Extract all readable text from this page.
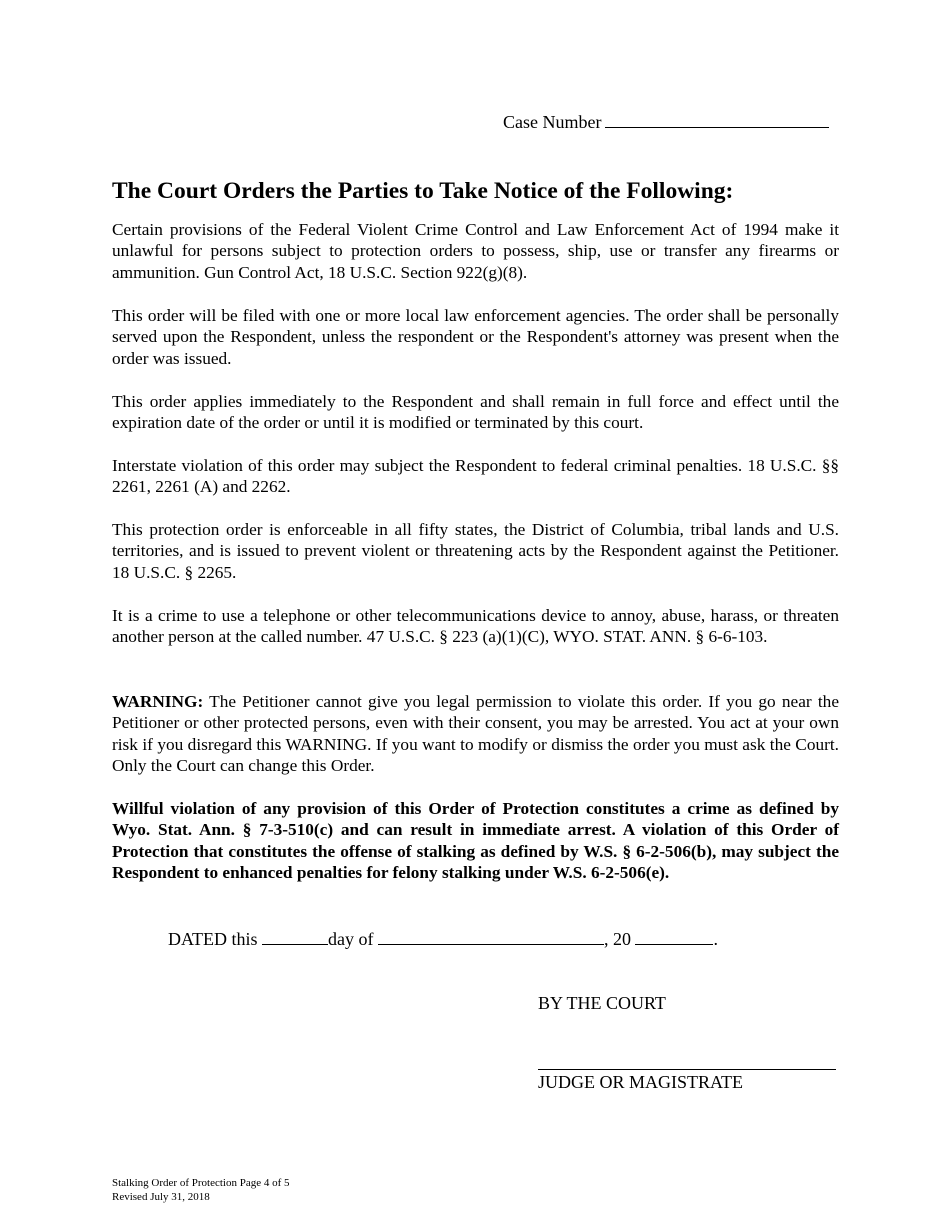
Case Number
The Court Orders the Parties to Take Notice of the Following:

Certain provisions of the Federal Violent Crime Control and Law Enforcement Act of 1994 make it unlawful for persons subject to protection orders to possess, ship, use or transfer any firearms or ammunition. Gun Control Act, 18 U.S.C. Section 922(g)(8).

This order will be filed with one or more local law enforcement agencies. The order shall be personally served upon the Respondent, unless the respondent or the Respondent's attorney was present when the order was issued.

This order applies immediately to the Respondent and shall remain in full force and effect until the expiration date of the order or until it is modified or terminated by this court.

Interstate violation of this order may subject the Respondent to federal criminal penalties. 18 U.S.C. §§ 2261, 2261 (A) and 2262.

This protection order is enforceable in all fifty states, the District of Columbia, tribal lands and U.S. territories, and is issued to prevent violent or threatening acts by the Respondent against the Petitioner. 18 U.S.C. § 2265.

It is a crime to use a telephone or other telecommunications device to annoy, abuse, harass, or threaten another person at the called number. 47 U.S.C. § 223 (a)(1)(C), WYO. STAT. ANN. § 6-6-103.

WARNING: The Petitioner cannot give you legal permission to violate this order. If you go near the Petitioner or other protected persons, even with their consent, you may be arrested. You act at your own risk if you disregard this WARNING. If you want to modify or dismiss the order you must ask the Court. Only the Court can change this Order.

Willful violation of any provision of this Order of Protection constitutes a crime as defined by Wyo. Stat. Ann. § 7-3-510(c) and can result in immediate arrest. A violation of this Order of Protection that constitutes the offense of stalking as defined by W.S. § 6-2-506(b), may subject the Respondent to enhanced penalties for felony stalking under W.S. 6-2-506(e).

DATED this	day of	, 20	.
BY THE COURT
JUDGE OR MAGISTRATE
Stalking Order of Protection Page 4 of 5
Revised July 31, 2018
